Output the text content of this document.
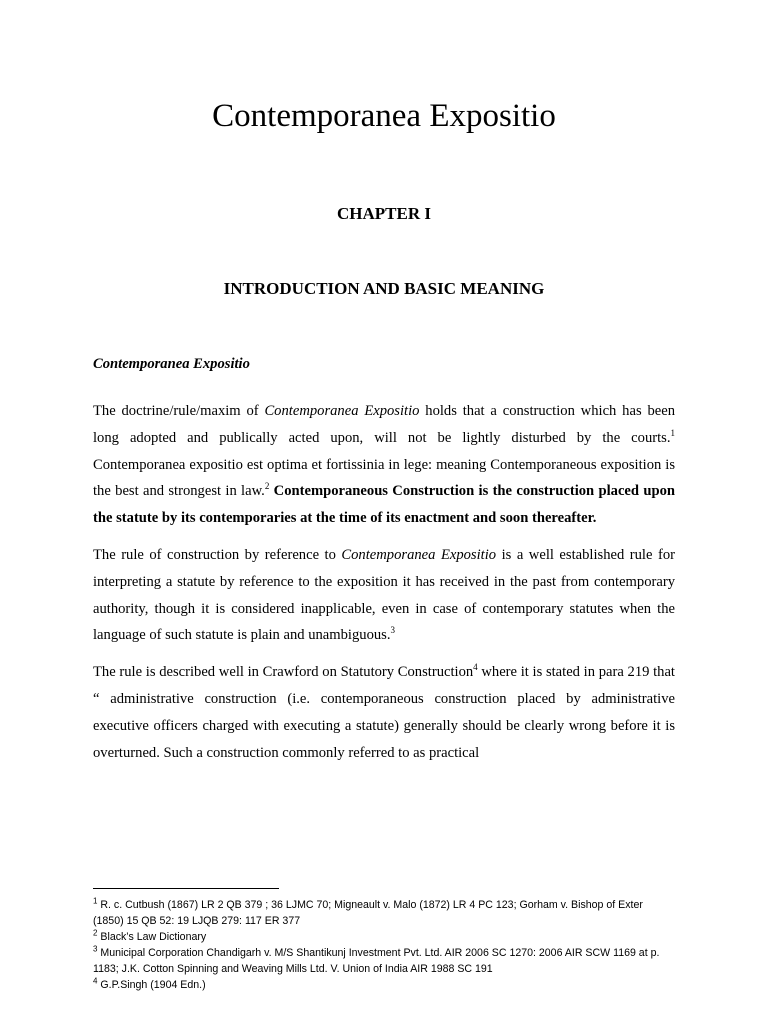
Contemporanea Expositio
CHAPTER I
INTRODUCTION AND BASIC MEANING

Contemporanea Expositio

The doctrine/rule/maxim of Contemporanea Expositio holds that a construction which has been long adopted and publically acted upon, will not be lightly disturbed by the courts.$^1$ Contemporanea expositio est optima et fortissinia in lege: meaning Contemporaneous exposition is the best and strongest in law.$^2$ Contemporaneous Construction is the construction placed upon the statute by its contemporaries at the time of its enactment and soon thereafter.

The rule of construction by reference to Contemporanea Expositio is a well established rule for interpreting a statute by reference to the exposition it has received in the past from contemporary authority, though it is considered inapplicable, even in case of contemporary statutes when the language of such statute is plain and unambiguous.$^3$

The rule is described well in Crawford on Statutory Construction$^4$ where it is stated in para 219 that “ administrative construction (i.e. contemporaneous construction placed by administrative executive officers charged with executing a statute) generally should be clearly wrong before it is overturned. Such a construction commonly referred to as practical

$^1$ R. c. Cutbush (1867) LR 2 QB 379 ; 36 LJMC 70; Migneault v. Malo (1872) LR 4 PC 123; Gorham v. Bishop of Exter (1850) 15 QB 52: 19 LJQB 279: 117 ER 377

$^2$ Black’s Law Dictionary

$^3$ Municipal Corporation Chandigarh v. M/S Shantikunj Investment Pvt. Ltd. AIR 2006 SC 1270: 2006 AIR SCW 1169 at p. 1183; J.K. Cotton Spinning and Weaving Mills Ltd. V. Union of India AIR 1988 SC 191

$^4$ G.P.Singh (1904 Edn.)
